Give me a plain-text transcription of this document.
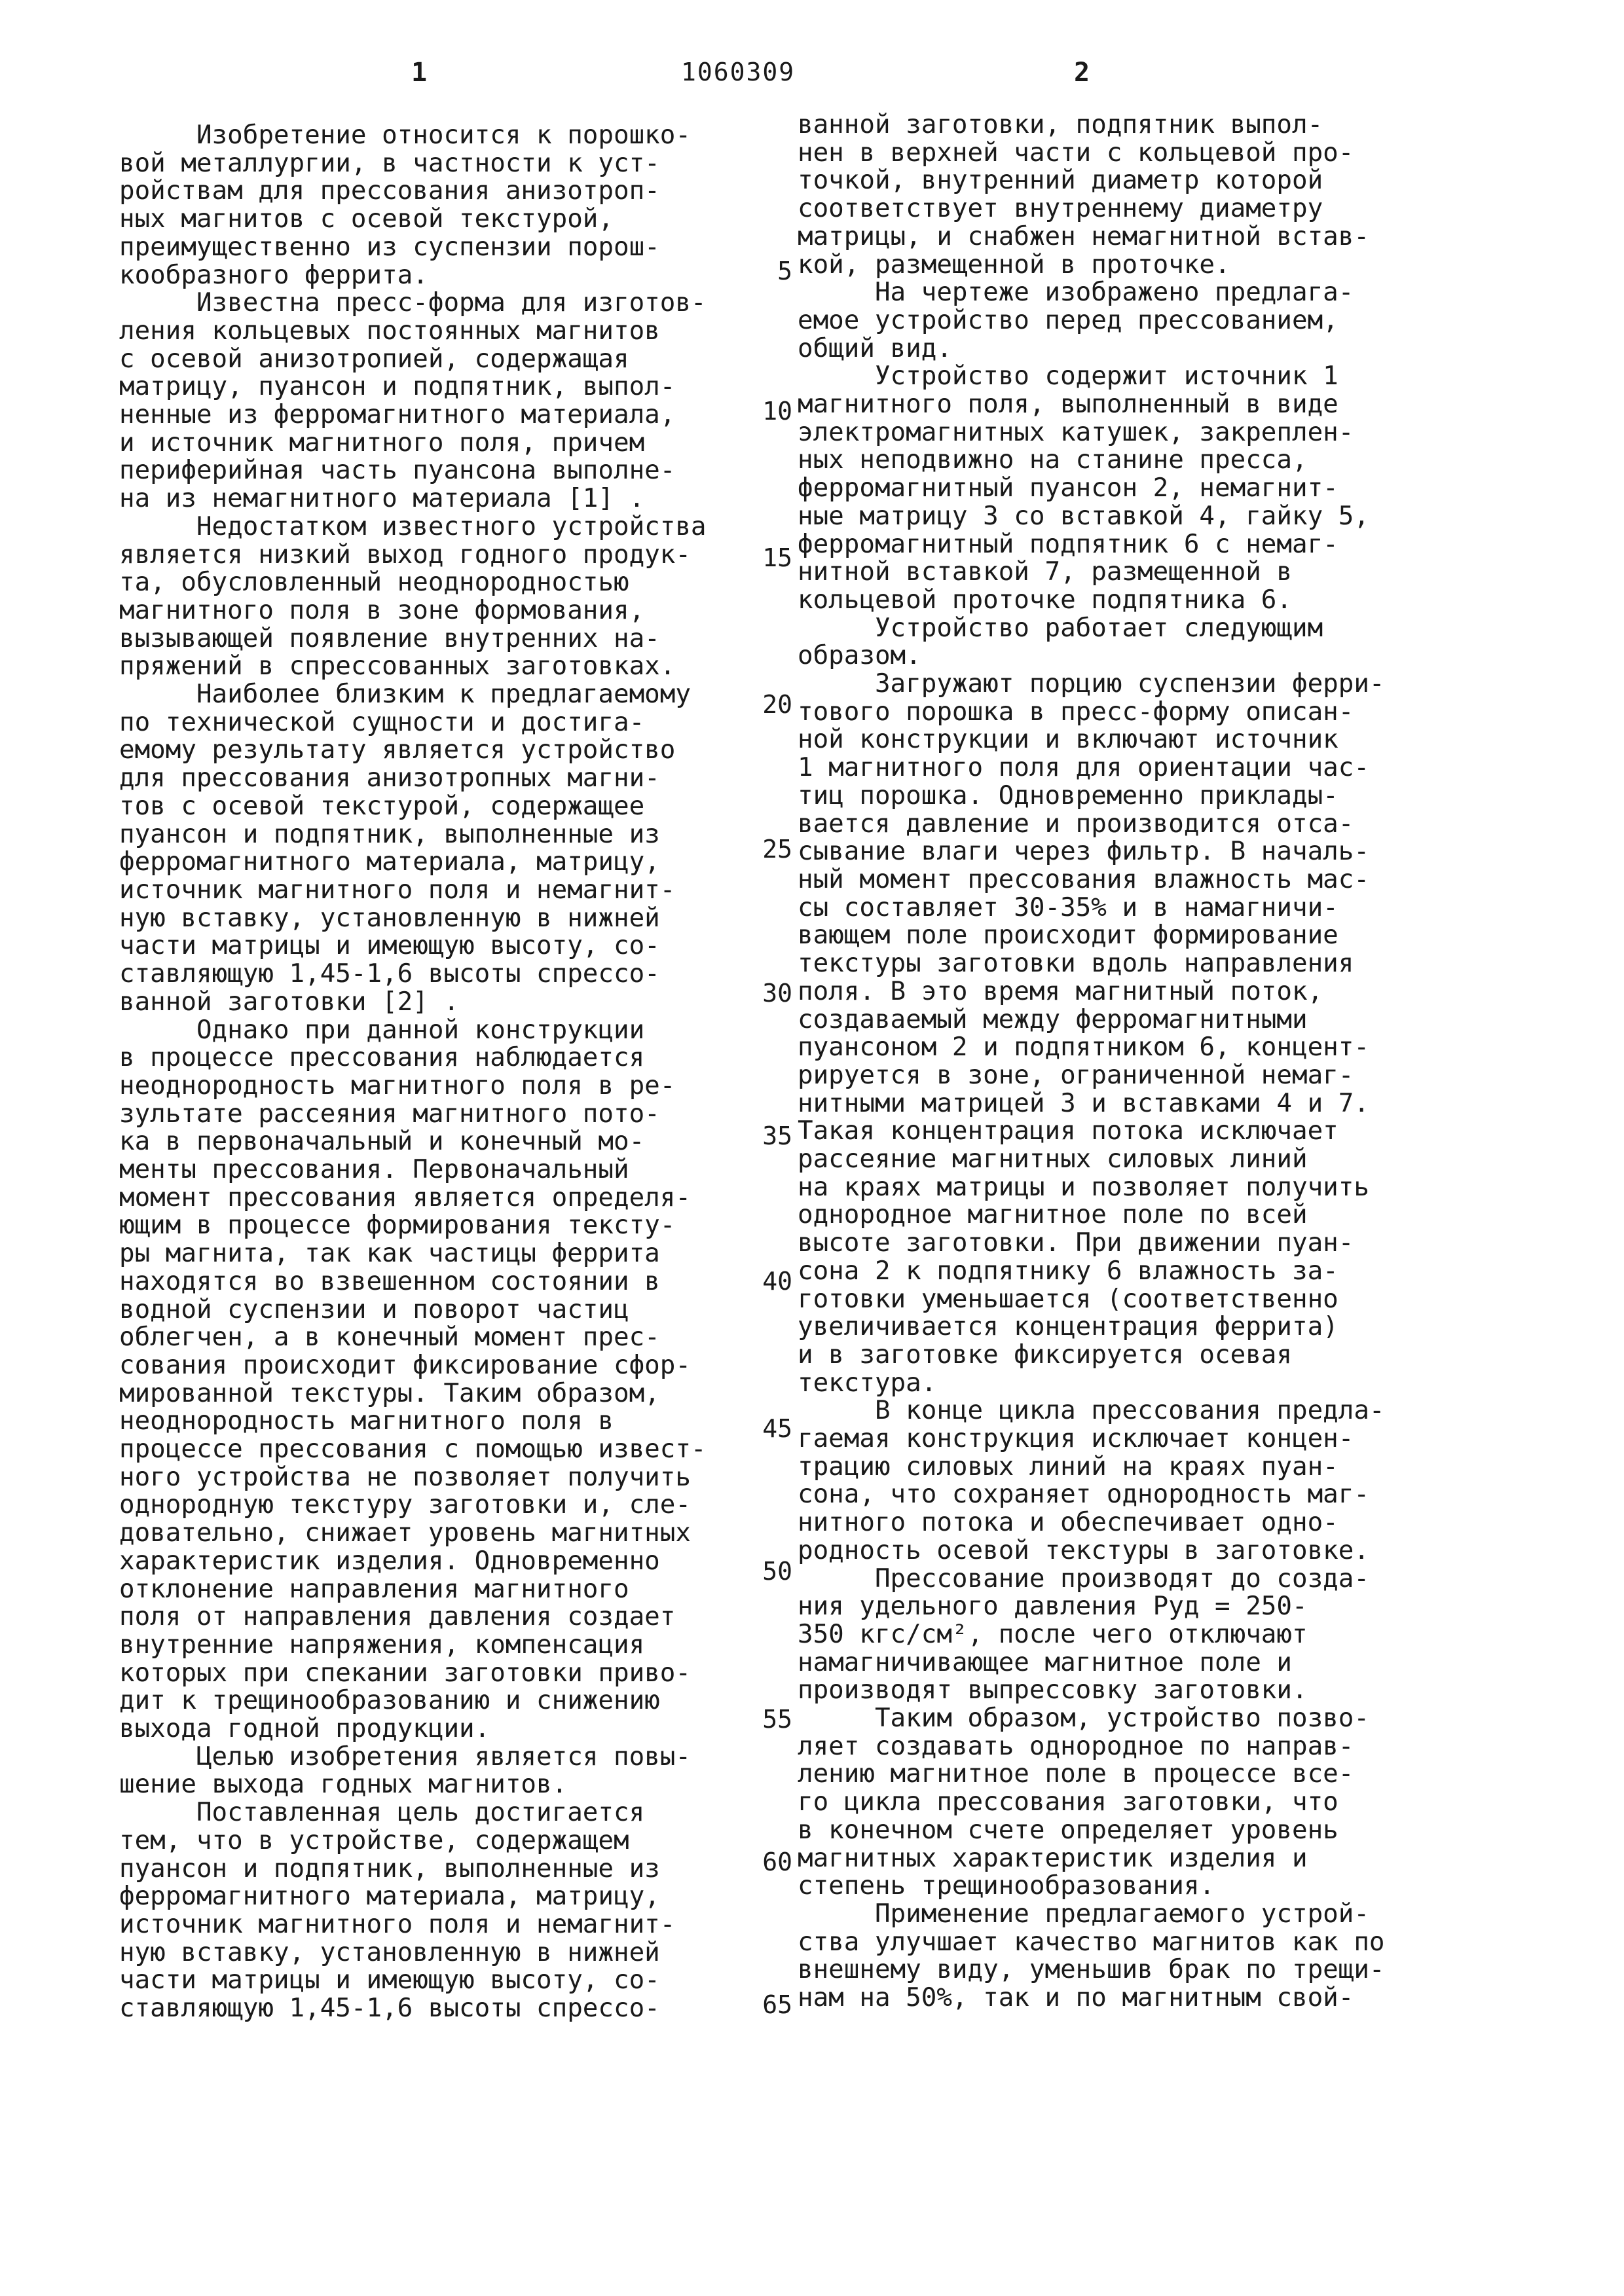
1	1060309	2
Изобретение относится к порошко-
вой металлургии, в частности к уст-
ройствам для прессования анизотроп-
ных магнитов с осевой текстурой,
преимущественно из суспензии порош-
кообразного феррита.
Известна пресс-форма для изготов-
ления кольцевых постоянных магнитов
с осевой анизотропией, содержащая
матрицу, пуансон и подпятник, выпол-
ненные из ферромагнитного материала,
и источник магнитного поля, причем
периферийная часть пуансона выполне-
на из немагнитного материала [1] .
Недостатком известного устройства
является низкий выход годного продук-
та, обусловленный неоднородностью
магнитного поля в зоне формования,
вызывающей появление внутренних на-
пряжений в спрессованных заготовках.
Наиболее близким к предлагаемому
по технической сущности и достига-
емому результату является устройство
для прессования анизотропных магни-
тов с осевой текстурой, содержащее
пуансон и подпятник, выполненные из
ферромагнитного материала, матрицу,
источник магнитного поля и немагнит-
ную вставку, установленную в нижней
части матрицы и имеющую высоту, со-
ставляющую 1,45-1,6 высоты спрессо-
ванной заготовки [2] .
Однако при данной конструкции
в процессе прессования наблюдается
неоднородность магнитного поля в ре-
зультате рассеяния магнитного пото-
ка в первоначальный и конечный мо-
менты прессования. Первоначальный
момент прессования является определя-
ющим в процессе формирования тексту-
ры магнита, так как частицы феррита
находятся во взвешенном состоянии в
водной суспензии и поворот частиц
облегчен, а в конечный момент прес-
сования происходит фиксирование сфор-
мированной текстуры. Таким образом,
неоднородность магнитного поля в
процессе прессования с помощью извест-
ного устройства не позволяет получить
однородную текстуру заготовки и, сле-
довательно, снижает уровень магнитных
характеристик изделия. Одновременно
отклонение направления магнитного
поля от направления давления создает
внутренние напряжения, компенсация
которых при спекании заготовки приво-
дит к трещинообразованию и снижению
выхода годной продукции.
Целью изобретения является повы-
шение выхода годных магнитов.
Поставленная цель достигается
тем, что в устройстве, содержащем
пуансон и подпятник, выполненные из
ферромагнитного материала, матрицу,
источник магнитного поля и немагнит-
ную вставку, установленную в нижней
части матрицы и имеющую высоту, со-
ставляющую 1,45-1,6 высоты спрессо-
ванной заготовки, подпятник выпол-
нен в верхней части с кольцевой про-
точкой, внутренний диаметр которой
соответствует внутреннему диаметру
матрицы, и снабжен немагнитной встав-
кой, размещенной в проточке.
На чертеже изображено предлага-
емое устройство перед прессованием,
общий вид.
Устройство содержит источник 1
магнитного поля, выполненный в виде
электромагнитных катушек, закреплен-
ных неподвижно на станине пресса,
ферромагнитный пуансон 2, немагнит-
ные матрицу 3 со вставкой 4, гайку 5,
ферромагнитный подпятник 6 с немаг-
нитной вставкой 7, размещенной в
кольцевой проточке подпятника 6.
Устройство работает следующим
образом.
Загружают порцию суспензии ферри-
тового порошка в пресс-форму описан-
ной конструкции и включают источник
1 магнитного поля для ориентации час-
тиц порошка. Одновременно приклады-
вается давление и производится отса-
сывание влаги через фильтр. В началь-
ный момент прессования влажность мас-
сы составляет 30-35% и в намагничи-
вающем поле происходит формирование
текстуры заготовки вдоль направления
поля. В это время магнитный поток,
создаваемый между ферромагнитными
пуансоном 2 и подпятником 6, концент-
рируется в зоне, ограниченной немаг-
нитными матрицей 3 и вставками 4 и 7.
Такая концентрация потока исключает
рассеяние магнитных силовых линий
на краях матрицы и позволяет получить
однородное магнитное поле по всей
высоте заготовки. При движении пуан-
сона 2 к подпятнику 6 влажность за-
готовки уменьшается (соответственно
увеличивается концентрация феррита)
и в заготовке фиксируется осевая
текстура.
В конце цикла прессования предла-
гаемая конструкция исключает концен-
трацию силовых линий на краях пуан-
сона, что сохраняет однородность маг-
нитного потока и обеспечивает одно-
родность осевой текстуры в заготовке.
Прессование производят до созда-
ния удельного давления Pуд = 250-
350 кгс/см², после чего отключают
намагничивающее магнитное поле и
производят выпрессовку заготовки.
Таким образом, устройство позво-
ляет создавать однородное по направ-
лению магнитное поле в процессе все-
го цикла прессования заготовки, что
в конечном счете определяет уровень
магнитных характеристик изделия и
степень трещинообразования.
Применение предлагаемого устрой-
ства улучшает качество магнитов как по
внешнему виду, уменьшив брак по трещи-
нам на 50%, так и по магнитным свой-
5
10
15
20
25
30
35
40
45
50
55
60
65
